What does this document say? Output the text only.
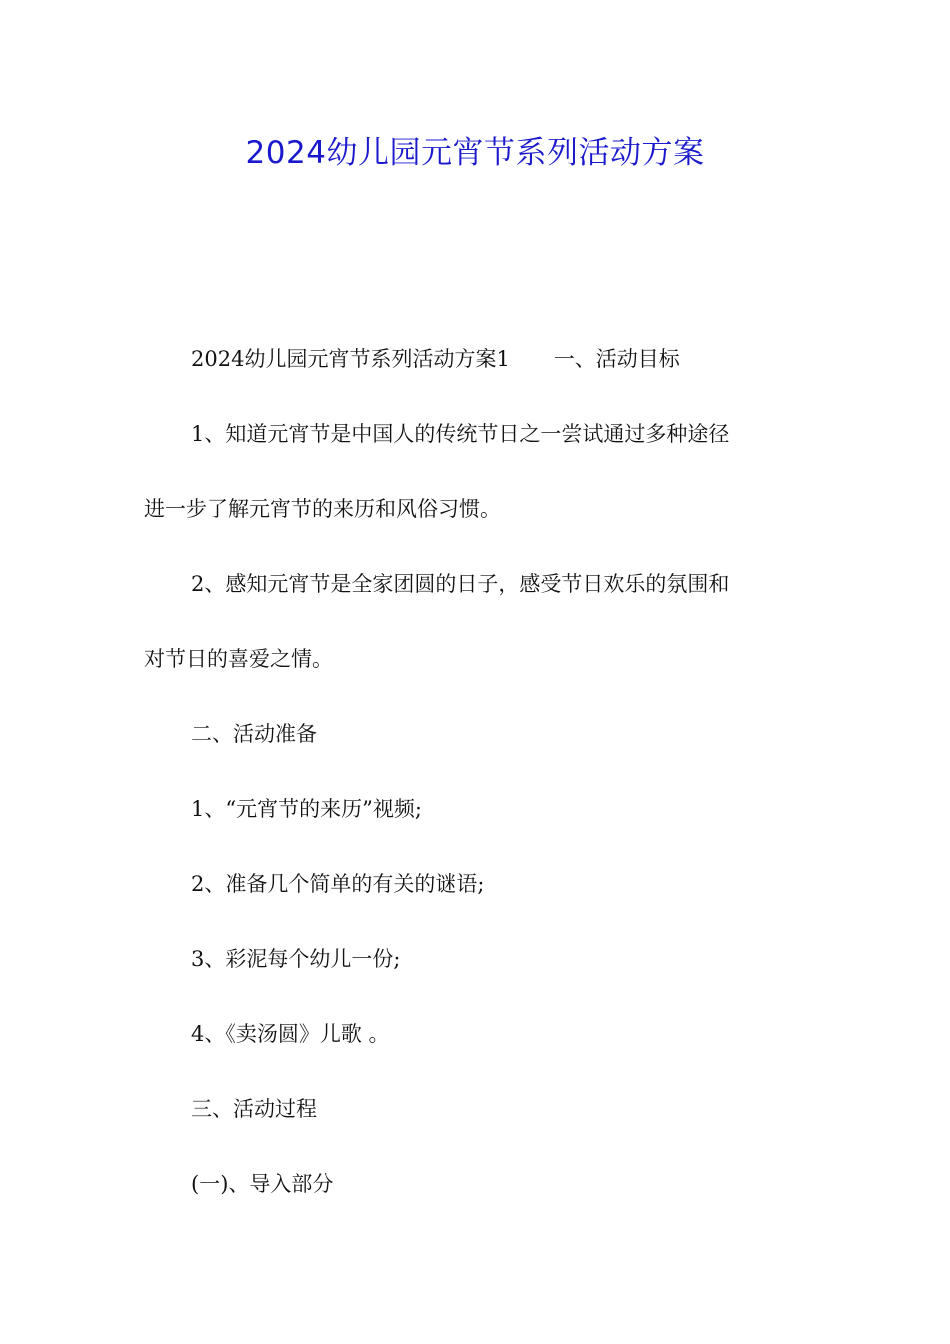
2024幼儿园元宵节系列活动方案
2024幼儿园元宵节系列活动方案1 一、活动目标
1、知道元宵节是中国人的传统节日之一尝试通过多种途径
进一步了解元宵节的来历和风俗习惯。
2、感知元宵节是全家团圆的日子，感受节日欢乐的氛围和
对节日的喜爱之情。
二、活动准备
1、“元宵节的来历”视频;
2、准备几个简单的有关的谜语;
3、彩泥每个幼儿一份;
4、《卖汤圆》儿歌 。
三、活动过程
(一)、导入部分
